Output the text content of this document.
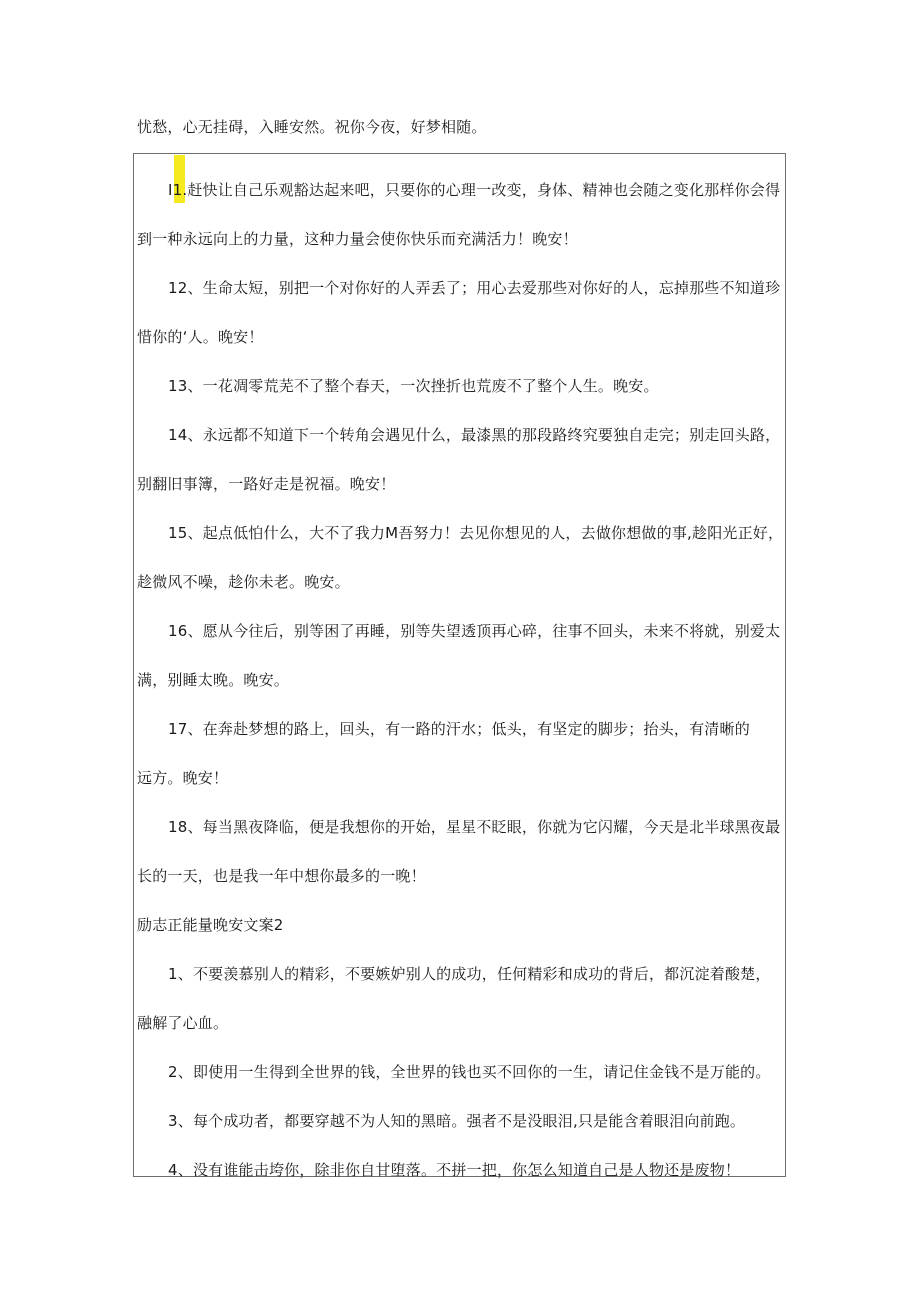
忧愁，心无挂碍，入睡安然。祝你今夜，好梦相随。
I1.赶快让自己乐观豁达起来吧，只要你的心理一改变，身体、精神也会随之变化那样你会得
到一种永远向上的力量，这种力量会使你快乐而充满活力！晚安！
12、生命太短，别把一个对你好的人弄丢了；用心去爱那些对你好的人，忘掉那些不知道珍
惜你的‘人。晚安！
13、一花凋零荒芜不了整个春天，一次挫折也荒废不了整个人生。晚安。
14、永远都不知道下一个转角会遇见什么，最漆黑的那段路终究要独自走完；别走回头路，
别翻旧事簿，一路好走是祝福。晚安！
15、起点低怕什么，大不了我力M吾努力！去见你想见的人，去做你想做的事,趁阳光正好，
趁微风不噪，趁你未老。晚安。
16、愿从今往后，别等困了再睡，别等失望透顶再心碎，往事不回头，未来不将就，别爱太
满，别睡太晚。晚安。
17、在奔赴梦想的路上，回头，有一路的汗水；低头，有坚定的脚步；抬头，有清晰的
远方。晚安！
18、每当黑夜降临，便是我想你的开始，星星不眨眼，你就为它闪耀，今天是北半球黑夜最
长的一天，也是我一年中想你最多的一晚！
励志正能量晚安文案2
1、不要羡慕别人的精彩，不要嫉妒别人的成功，任何精彩和成功的背后，都沉淀着酸楚，
融解了心血。
2、即使用一生得到全世界的钱，全世界的钱也买不回你的一生，请记住金钱不是万能的。
3、每个成功者，都要穿越不为人知的黑暗。强者不是没眼泪,只是能含着眼泪向前跑。
4、没有谁能击垮你，除非你自甘堕落。不拼一把，你怎么知道自己是人物还是废物！
